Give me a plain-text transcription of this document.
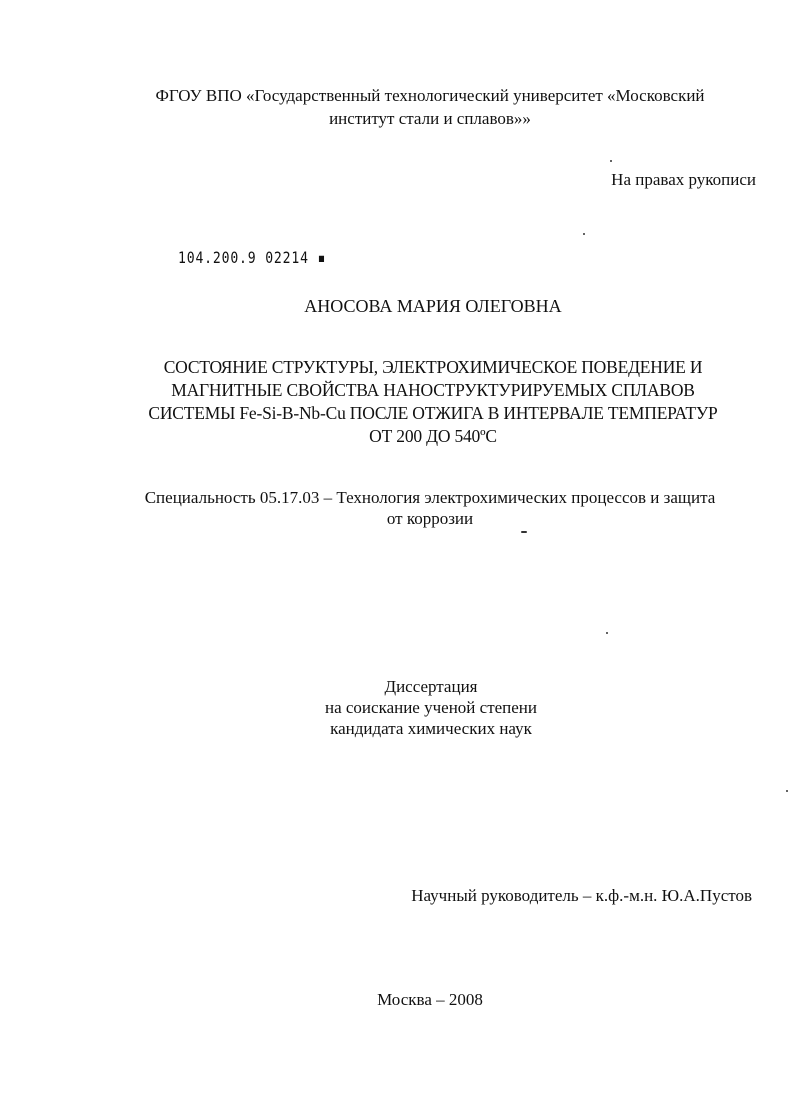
ФГОУ ВПО «Государственный технологический университет «Московский
институт стали и сплавов»»
На правах рукописи
104.200.9 02214 ▪
АНОСОВА МАРИЯ ОЛЕГОВНА
СОСТОЯНИЕ СТРУКТУРЫ, ЭЛЕКТРОХИМИЧЕСКОЕ ПОВЕДЕНИЕ И
МАГНИТНЫЕ СВОЙСТВА НАНОСТРУКТУРИРУЕМЫХ СПЛАВОВ
СИСТЕМЫ Fe-Si-B-Nb-Cu ПОСЛЕ ОТЖИГА В ИНТЕРВАЛЕ ТЕМПЕРАТУР
ОТ 200 ДО 540ºС
Специальность 05.17.03 – Технология электрохимических процессов и защита
от коррозии
Диссертация
на соискание ученой степени
кандидата химических наук
Научный руководитель – к.ф.-м.н. Ю.А.Пустов
Москва – 2008
